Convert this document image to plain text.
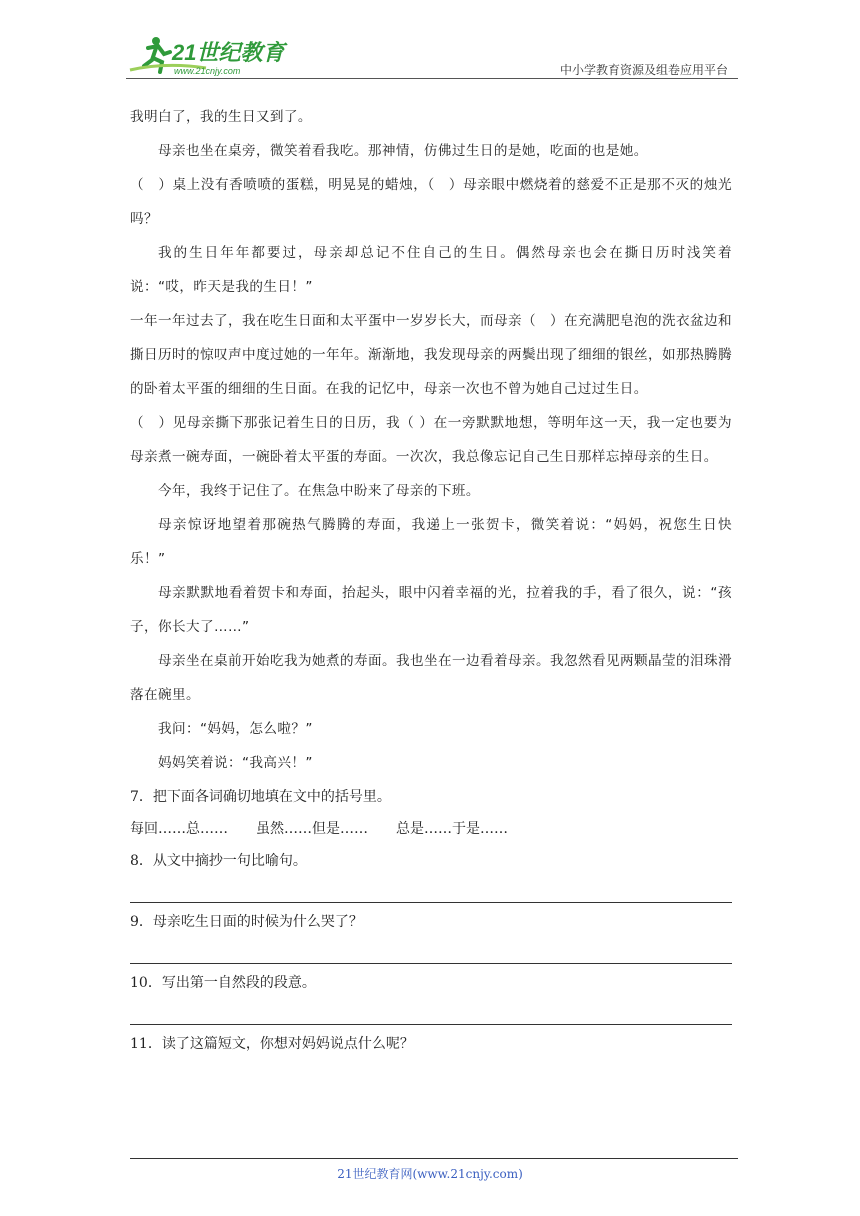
21世纪教育
www.21cnjy.com	中小学教育资源及组卷应用平台

我明白了，我的生日又到了。

母亲也坐在桌旁，微笑着看我吃。那神情，仿佛过生日的是她，吃面的也是她。

（　）桌上没有香喷喷的蛋糕，明晃晃的蜡烛，（　）母亲眼中燃烧着的慈爱不正是那不灭的烛光吗？

我的生日年年都要过，母亲却总记不住自己的生日。偶然母亲也会在撕日历时浅笑着说：“哎，昨天是我的生日！”

一年一年过去了，我在吃生日面和太平蛋中一岁岁长大，而母亲（　）在充满肥皂泡的洗衣盆边和撕日历时的惊叹声中度过她的一年年。渐渐地，我发现母亲的两鬓出现了细细的银丝，如那热腾腾的卧着太平蛋的细细的生日面。在我的记忆中，母亲一次也不曾为她自己过过生日。

（　）见母亲撕下那张记着生日的日历，我（ ）在一旁默默地想，等明年这一天，我一定也要为母亲煮一碗寿面，一碗卧着太平蛋的寿面。一次次，我总像忘记自己生日那样忘掉母亲的生日。

今年，我终于记住了。在焦急中盼来了母亲的下班。

母亲惊讶地望着那碗热气腾腾的寿面，我递上一张贺卡，微笑着说：“妈妈，祝您生日快乐！”

母亲默默地看着贺卡和寿面，抬起头，眼中闪着幸福的光，拉着我的手，看了很久，说：“孩子，你长大了……”

母亲坐在桌前开始吃我为她煮的寿面。我也坐在一边看着母亲。我忽然看见两颗晶莹的泪珠滑落在碗里。

我问：“妈妈，怎么啦？”

妈妈笑着说：“我高兴！”

7．把下面各词确切地填在文中的括号里。

每回……总…… 虽然……但是…… 总是……于是……

8．从文中摘抄一句比喻句。

9．母亲吃生日面的时候为什么哭了？

10．写出第一自然段的段意。

11．读了这篇短文，你想对妈妈说点什么呢？

21世纪教育网(www.21cnjy.com)
